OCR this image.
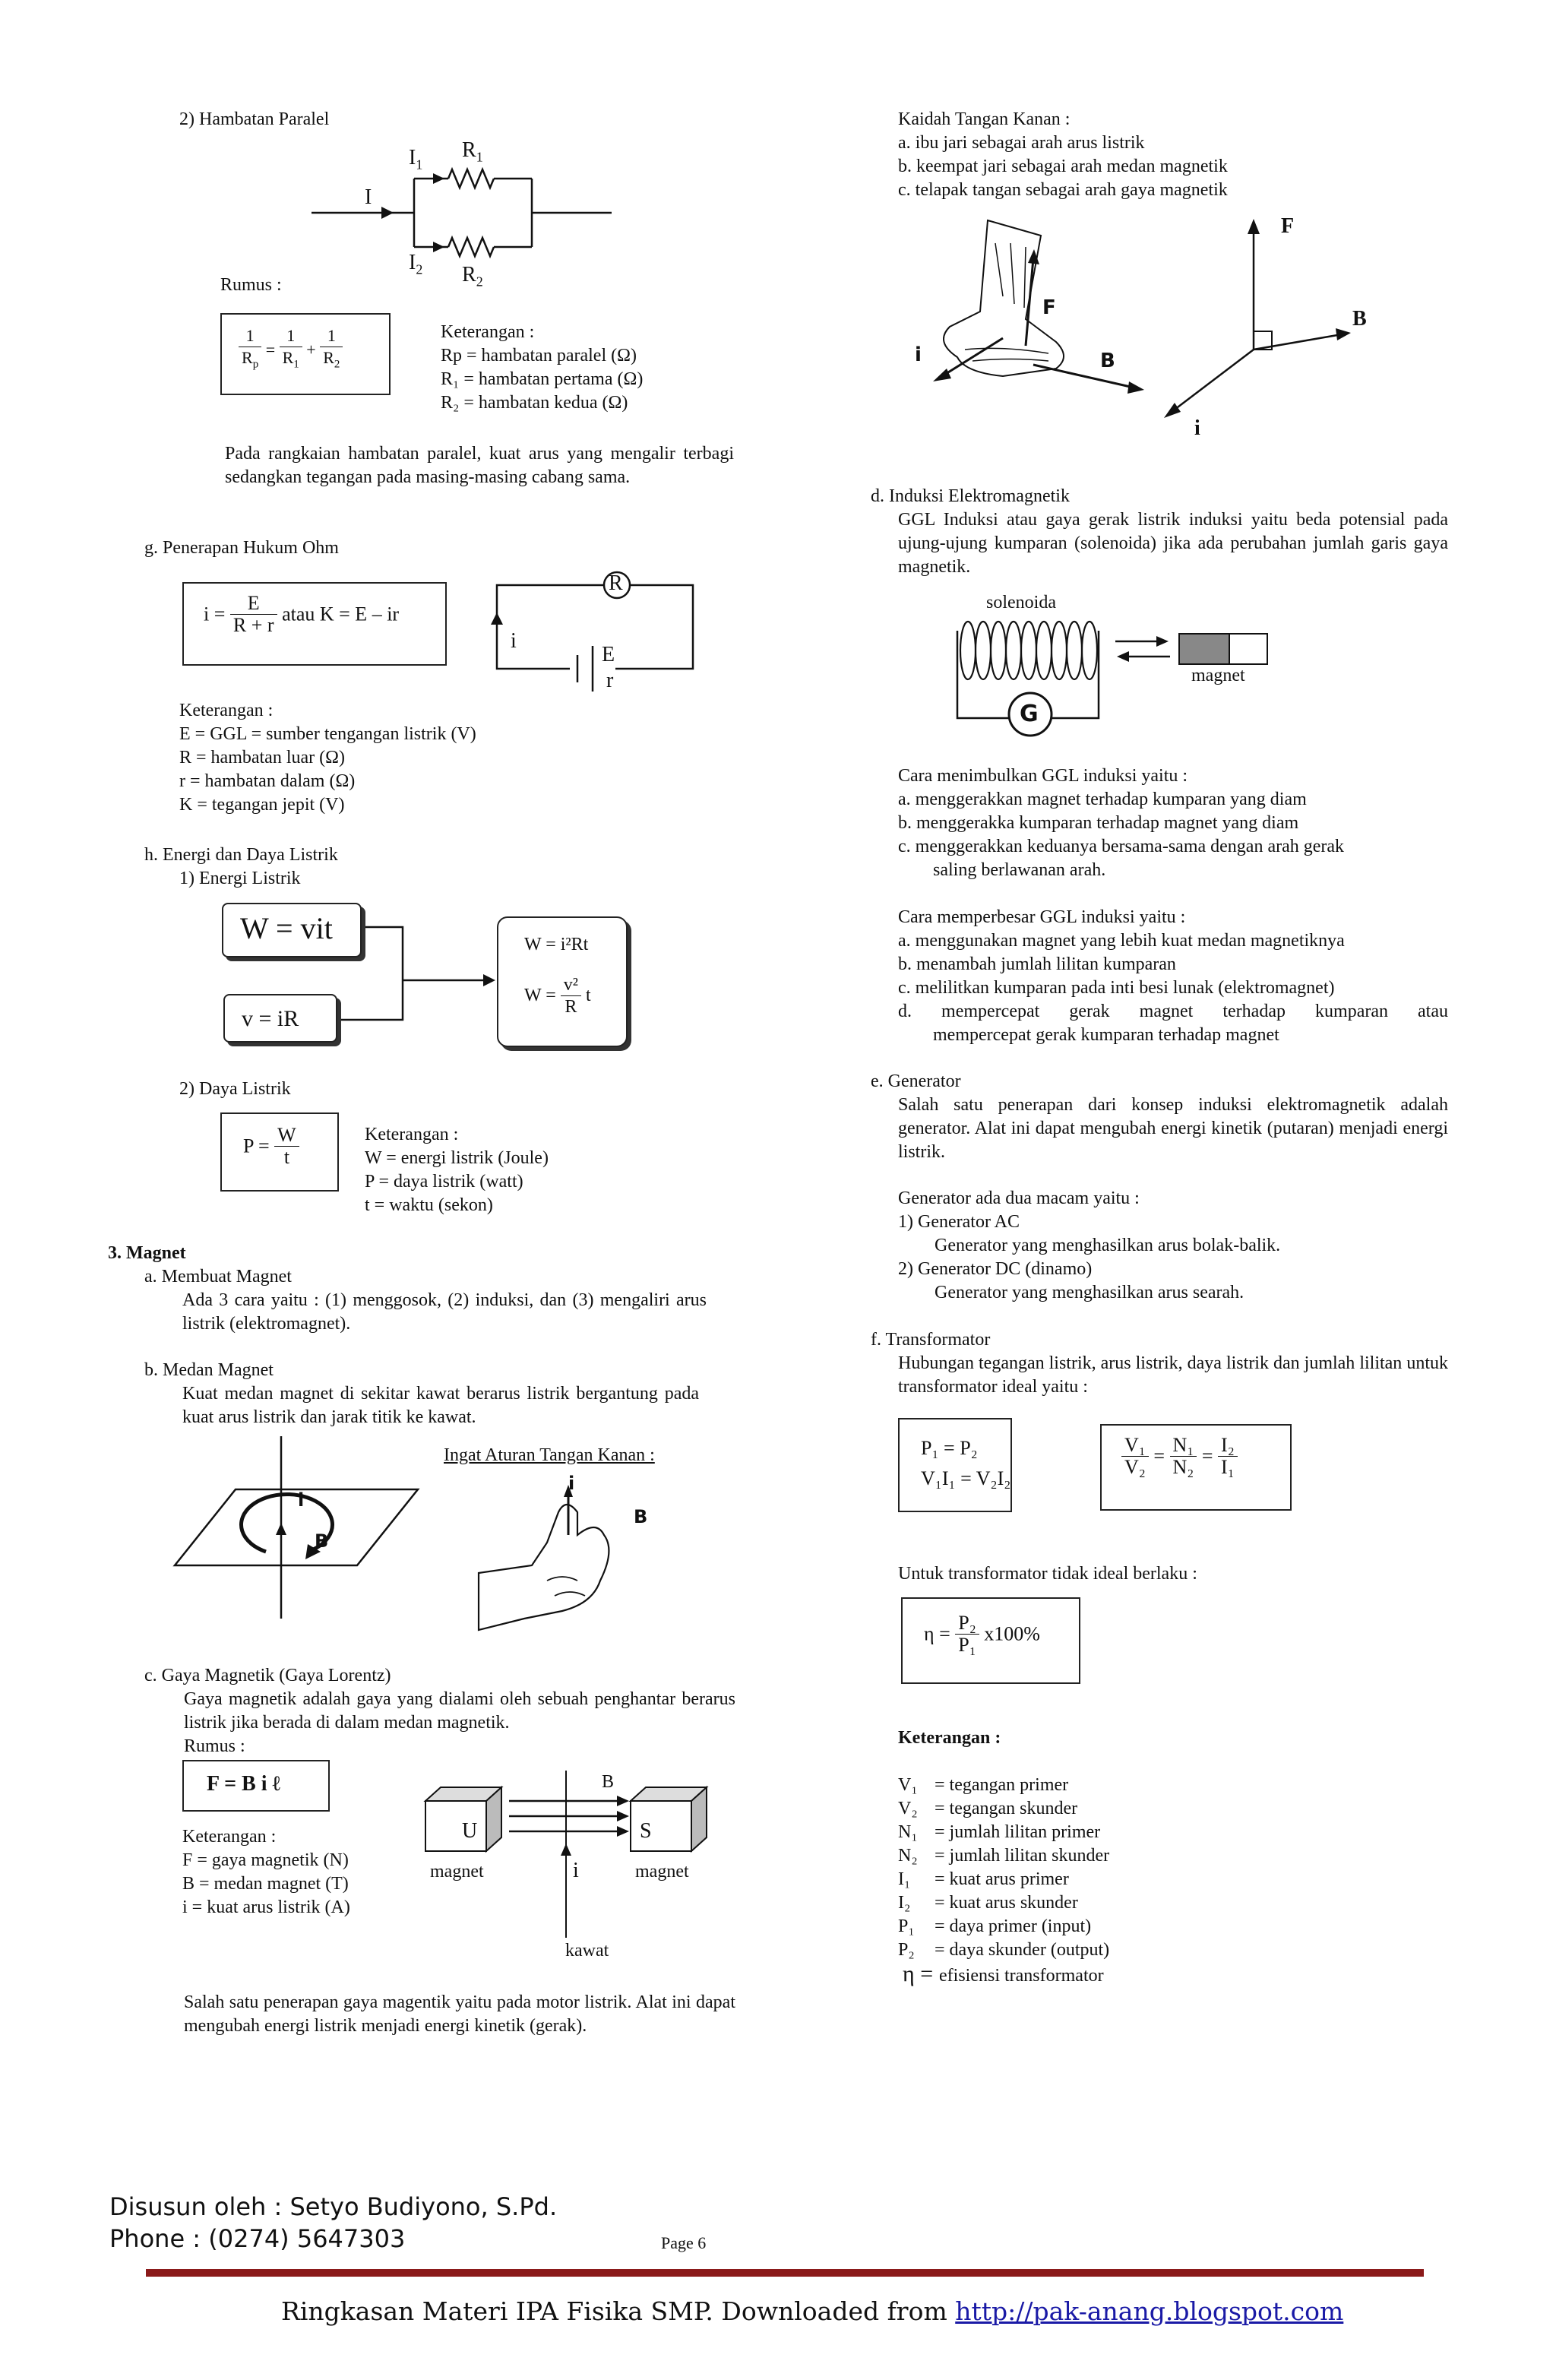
2) Hambatan Paralel
I
$I_1$
$R_1$
$I_2$ $R_2$
Rumus :
$\frac{1}{R_p} = \frac{1}{R_1} + \frac{1}{R_2}$	Keterangan :
Rp = hambatan paralel (Ω)
R₁ = hambatan pertama (Ω)
R₂ = hambatan kedua (Ω)
Pada rangkaian hambatan paralel, kuat arus yang mengalir terbagi sedangkan tegangan pada masing-masing cabang sama.
g. Penerapan Hukum Ohm
$i = \frac{E}{R + r}$ atau K = E – ir
R
i
E
r
Keterangan :
E = GGL = sumber tengangan listrik (V)
R = hambatan luar (Ω)
r = hambatan dalam (Ω)
K = tegangan jepit (V)
h. Energi dan Daya Listrik
1) Energi Listrik
W = vit
v = iR
W = i²Rt
$W = \frac{\text{v²}}{R}$ t
2) Daya Listrik
$P = \frac{W}{t}$	Keterangan :
W = energi listrik (Joule)
P = daya listrik (watt)
t = waktu (sekon)
3. Magnet
a. Membuat Magnet
Ada 3 cara yaitu : (1) menggosok, (2) induksi, dan (3) mengaliri arus listrik (elektromagnet).
b. Medan Magnet
Kuat medan magnet di sekitar kawat berarus listrik bergantung pada kuat arus listrik dan jarak titik ke kawat.
i
B
Ingat Aturan Tangan Kanan :
i
B
c. Gaya Magnetik (Gaya Lorentz)
Gaya magnetik adalah gaya yang dialami oleh sebuah penghantar berarus listrik jika berada di dalam medan magnetik.
Rumus :
F = B i ℓ
Keterangan :
F = gaya magnetik (N)
B = medan magnet (T)
i = kuat arus listrik (A)
U	S
magnet	magnet
B
i
kawat
Salah satu penerapan gaya magentik yaitu pada motor listrik. Alat ini dapat mengubah energi listrik menjadi energi kinetik (gerak).
Kaidah Tangan Kanan :
a. ibu jari sebagai arah arus listrik
b. keempat jari sebagai arah medan magnetik
c. telapak tangan sebagai arah gaya magnetik
F
i	B
F
B
i
d. Induksi Elektromagnetik
GGL Induksi atau gaya gerak listrik induksi yaitu beda potensial pada ujung-ujung kumparan (solenoida) jika ada perubahan jumlah garis gaya magnetik.
solenoida
G
magnet
Cara menimbulkan GGL induksi yaitu :
a. menggerakkan magnet terhadap kumparan yang diam
b. menggerakka kumparan terhadap magnet yang diam
c. menggerakkan keduanya bersama-sama dengan arah gerak
saling berlawanan arah.
Cara memperbesar GGL induksi yaitu :
a. menggunakan magnet yang lebih kuat medan magnetiknya
b. menambah jumlah lilitan kumparan
c. melilitkan kumparan pada inti besi lunak (elektromagnet)
d. mempercepat gerak magnet terhadap kumparan atau
mempercepat gerak kumparan terhadap magnet
e. Generator
Salah satu penerapan dari konsep induksi elektromagnetik adalah generator. Alat ini dapat mengubah energi kinetik (putaran) menjadi energi listrik.
Generator ada dua macam yaitu :
1) Generator AC
Generator yang menghasilkan arus bolak-balik.
2) Generator DC (dinamo)
Generator yang menghasilkan arus searah.
f. Transformator
Hubungan tegangan listrik, arus listrik, daya listrik dan jumlah lilitan untuk transformator ideal yaitu :
P₁ = P₂
V₁I₁ = V₂I₂
$\frac{\text{V₁}}{\text{V₂}} = \frac{\text{N₁}}{\text{N₂}} = \frac{\text{I₂}}{\text{I₁}}$
Untuk transformator tidak ideal berlaku :
$\eta = \frac{\text{P₂}}{\text{P₁}} x100\%$
Keterangan :
V₁ = tegangan primer
V₂ = tegangan skunder
N₁ = jumlah lilitan primer
N₂ = jumlah lilitan skunder
I₁ = kuat arus primer
I₂ = kuat arus skunder
P₁ = daya primer (input)
P₂ = daya skunder (output)
η = efisiensi transformator
Disusun oleh : Setyo Budiyono, S.Pd.
Phone : (0274) 5647303	Page 6
Ringkasan Materi IPA Fisika SMP. Downloaded from http://pak-anang.blogspot.com
